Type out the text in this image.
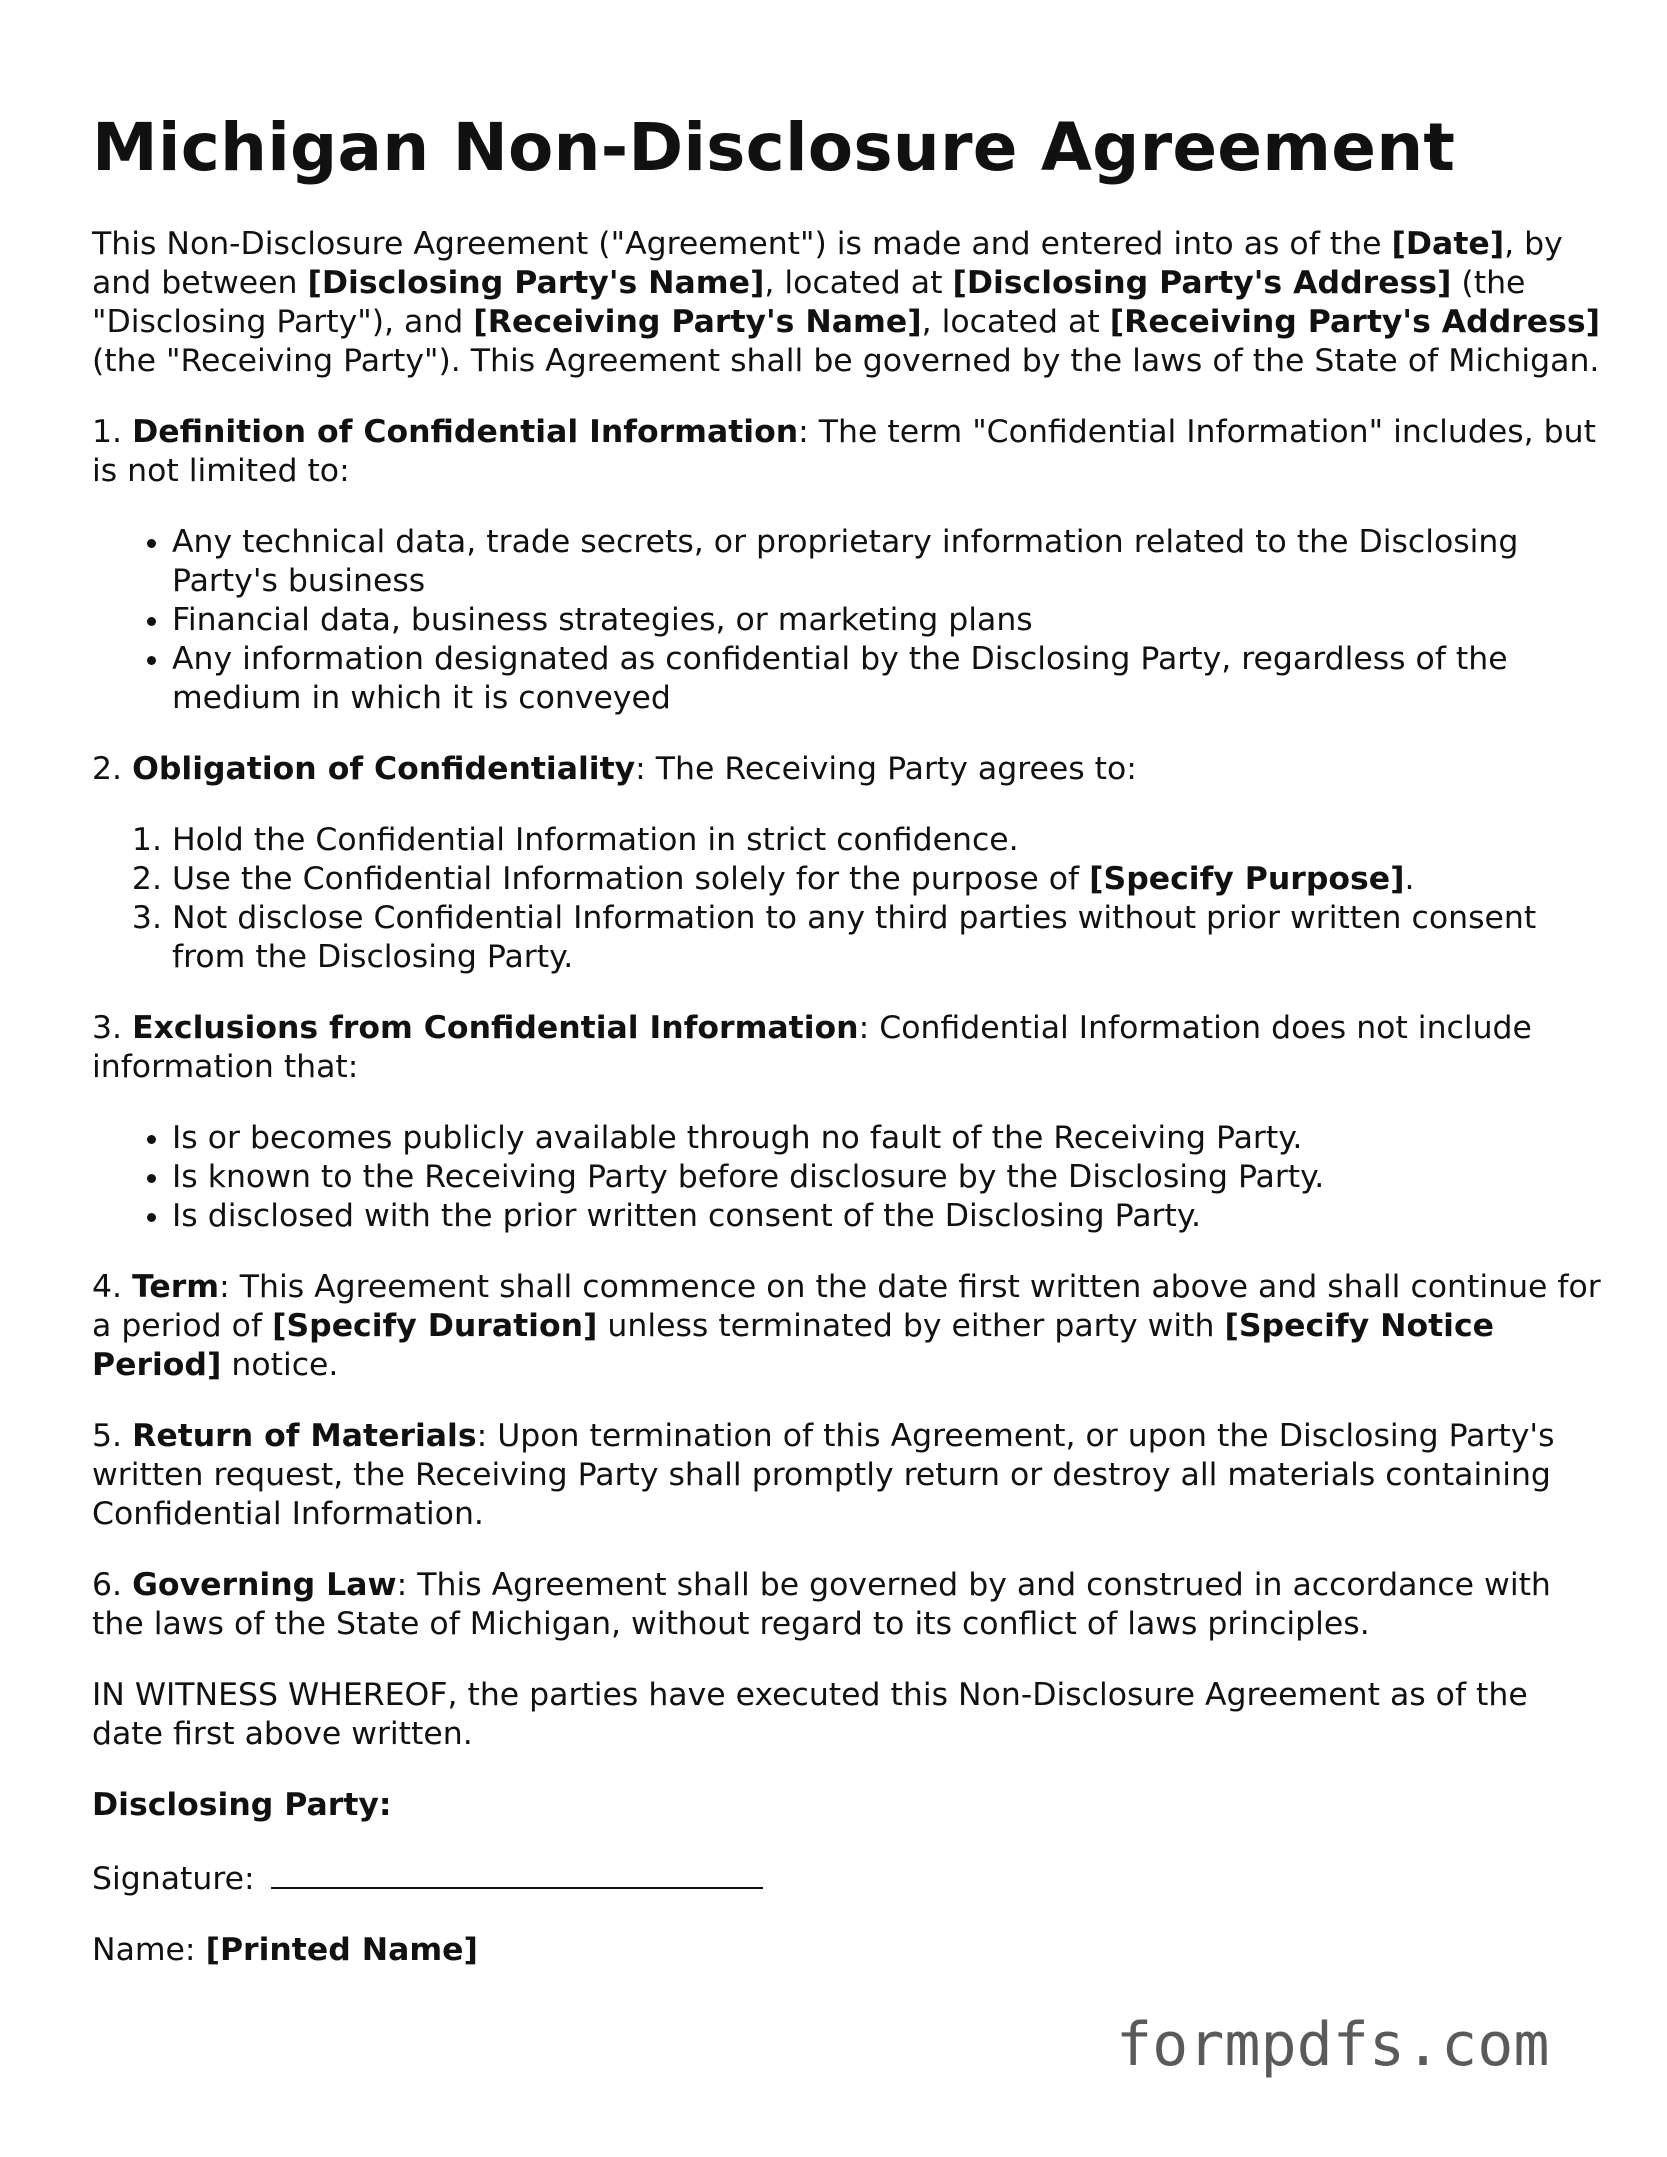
Michigan Non-Disclosure Agreement

This Non-Disclosure Agreement ("Agreement") is made and entered into as of the [Date], by and between [Disclosing Party's Name], located at [Disclosing Party's Address] (the "Disclosing Party"), and [Receiving Party's Name], located at [Receiving Party's Address] (the "Receiving Party"). This Agreement shall be governed by the laws of the State of Michigan.

1. Definition of Confidential Information: The term "Confidential Information" includes, but is not limited to:

• Any technical data, trade secrets, or proprietary information related to the Disclosing Party's business
• Financial data, business strategies, or marketing plans
• Any information designated as confidential by the Disclosing Party, regardless of the medium in which it is conveyed

2. Obligation of Confidentiality: The Receiving Party agrees to:

1. Hold the Confidential Information in strict confidence.
2. Use the Confidential Information solely for the purpose of [Specify Purpose].
3. Not disclose Confidential Information to any third parties without prior written consent from the Disclosing Party.

3. Exclusions from Confidential Information: Confidential Information does not include information that:

• Is or becomes publicly available through no fault of the Receiving Party.
• Is known to the Receiving Party before disclosure by the Disclosing Party.
• Is disclosed with the prior written consent of the Disclosing Party.

4. Term: This Agreement shall commence on the date first written above and shall continue for a period of [Specify Duration] unless terminated by either party with [Specify Notice Period] notice.

5. Return of Materials: Upon termination of this Agreement, or upon the Disclosing Party's written request, the Receiving Party shall promptly return or destroy all materials containing Confidential Information.

6. Governing Law: This Agreement shall be governed by and construed in accordance with the laws of the State of Michigan, without regard to its conflict of laws principles.

IN WITNESS WHEREOF, the parties have executed this Non-Disclosure Agreement as of the date first above written.

Disclosing Party:

Signature:

Name: [Printed Name]

formpdfs.com
